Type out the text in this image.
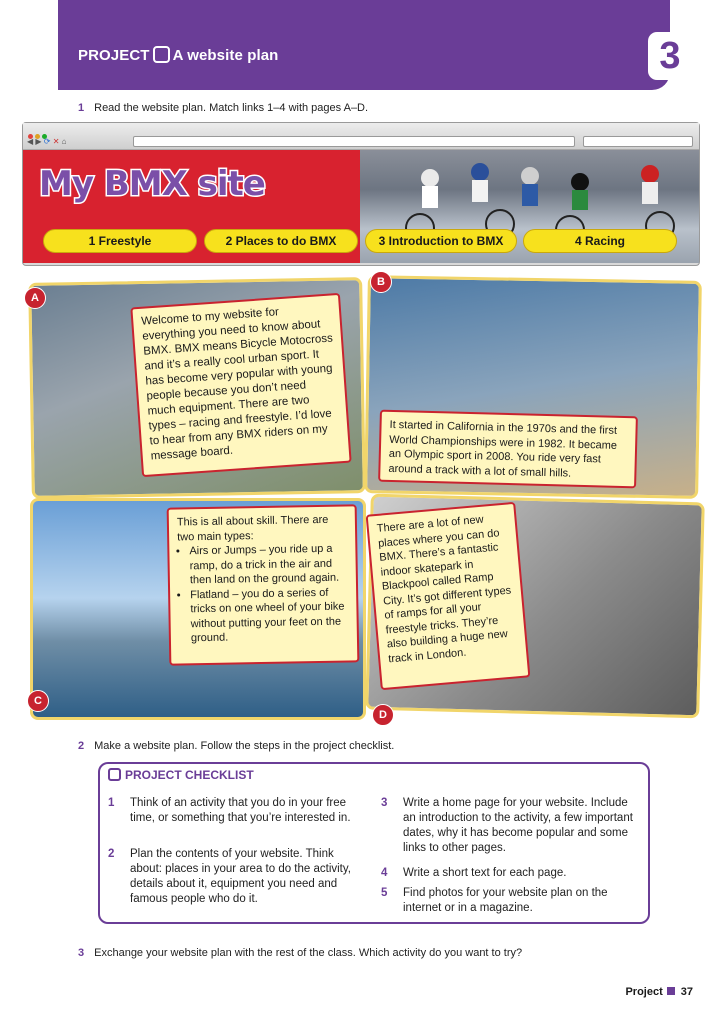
PROJECT A website plan	3
1 Read the website plan. Match links 1–4 with pages A–D.
◀ ▶ ⟳ ✕ ⌂
My BMX site
1 Freestyle	2 Places to do BMX	3 Introduction to BMX	4 Racing
A
B
C
D
Welcome to my website for everything you need to know about BMX. BMX means Bicycle Motocross and it’s a really cool urban sport. It has become very popular with young people because you don’t need much equipment. There are two types – racing and freestyle. I’d love to hear from any BMX riders on my message board.
It started in California in the 1970s and the first World Championships were in 1982. It became an Olympic sport in 2008. You ride very fast around a track with a lot of small hills.
This is all about skill. There are two main types:
• Airs or Jumps – you ride up a ramp, do a trick in the air and then land on the ground again.
• Flatland – you do a series of tricks on one wheel of your bike without putting your feet on the ground.
There are a lot of new places where you can do BMX. There’s a fantastic indoor skatepark in Blackpool called Ramp City. It’s got different types of ramps for all your freestyle tricks. They’re also building a huge new track in London.
2 Make a website plan. Follow the steps in the project checklist.
PROJECT CHECKLIST
1 Think of an activity that you do in your free time, or something that you’re interested in.
2 Plan the contents of your website. Think about: places in your area to do the activity, details about it, equipment you need and famous people who do it.
3 Write a home page for your website. Include an introduction to the activity, a few important dates, why it has become popular and some links to other pages.
4 Write a short text for each page.
5 Find photos for your website plan on the internet or in a magazine.
3 Exchange your website plan with the rest of the class. Which activity do you want to try?
Project 37
